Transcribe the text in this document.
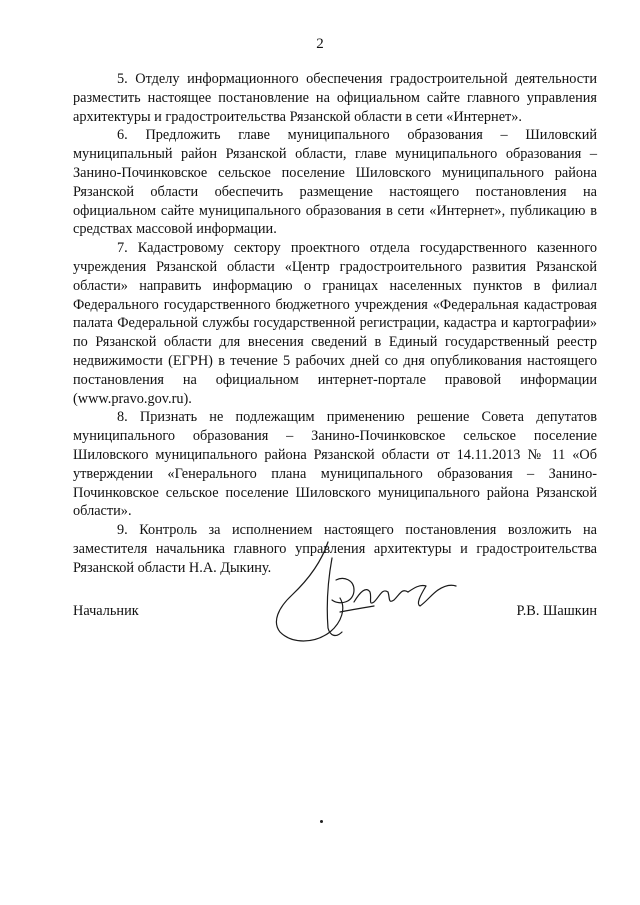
2

5. Отделу информационного обеспечения градостроительной деятельности разместить настоящее постановление на официальном сайте главного управления архитектуры и градостроительства Рязанской области в сети «Интернет».

6. Предложить главе муниципального образования – Шиловский муниципальный район Рязанской области, главе муниципального образования – Занино-Починковское сельское поселение Шиловского муниципального района Рязанской области обеспечить размещение настоящего постановления на официальном сайте муниципального образования в сети «Интернет», публикацию в средствах массовой информации.

7. Кадастровому сектору проектного отдела государственного казенного учреждения Рязанской области «Центр градостроительного развития Рязанской области» направить информацию о границах населенных пунктов в филиал Федерального государственного бюджетного учреждения «Федеральная кадастровая палата Федеральной службы государственной регистрации, кадастра и картографии» по Рязанской области для внесения сведений в Единый государственный реестр недвижимости (ЕГРН) в течение 5 рабочих дней со дня опубликования настоящего постановления на официальном интернет-портале правовой информации (www.pravo.gov.ru).

8. Признать не подлежащим применению решение Совета депутатов муниципального образования – Занино-Починковское сельское поселение Шиловского муниципального района Рязанской области от 14.11.2013 № 11 «Об утверждении «Генерального плана муниципального образования – Занино-Починковское сельское поселение Шиловского муниципального района Рязанской области».

9. Контроль за исполнением настоящего постановления возложить на заместителя начальника главного управления архитектуры и градостроительства Рязанской области Н.А. Дыкину.

Начальник	Р.В. Шашкин
